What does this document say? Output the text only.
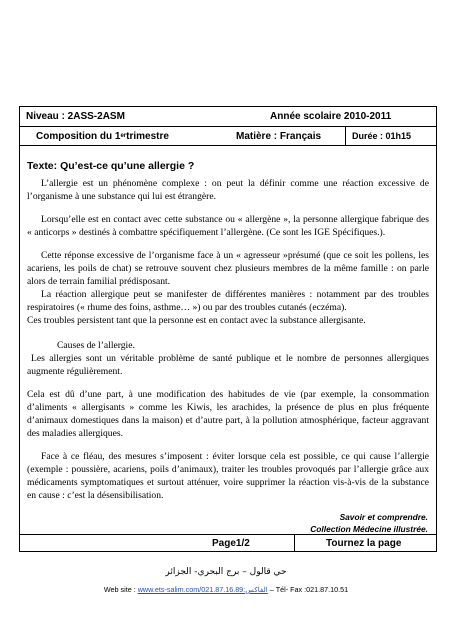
Niveau : 2ASS-2ASM	Année scolaire 2010-2011
Composition du 1 er trimestre	Matière : Français	Durée : 01h15
Texte: Qu’est-ce qu’une allergie ?

L’allergie est un phénomène complexe : on peut la définir comme une réaction excessive de l’organisme à une substance qui lui est étrangère.

Lorsqu’elle est en contact avec cette substance ou « allergène », la personne allergique fabrique des « anticorps » destinés à combattre spécifiquement l’allergène. (Ce sont les IGE Spécifiques.).

Cette réponse excessive de l’organisme face à un « agresseur »présumé (que ce soit les pollens, les acariens, les poils de chat) se retrouve souvent chez plusieurs membres de la même famille : on parle alors de terrain familial prédisposant.

La réaction allergique peut se manifester de différentes manières : notamment par des troubles respiratoires (« rhume des foins, asthme… ») ou par des troubles cutanés (eczéma).

Ces troubles persistent tant que la personne est en contact avec la substance allergisante.

Causes de l’allergie.

Les allergies sont un véritable problème de santé publique et le nombre de personnes allergiques augmente régulièrement.

Cela est dû d’une part, à une modification des habitudes de vie (par exemple, la consommation d’aliments « allergisants » comme les Kiwis, les arachides, la présence de plus en plus fréquente d’animaux domestiques dans la maison) et d’autre part, à la pollution atmosphérique, facteur aggravant des maladies allergiques.

Face à ce fléau, des mesures s’imposent : éviter lorsque cela est possible, ce qui cause l’allergie (exemple : poussière, acariens, poils d’animaux), traiter les troubles provoqués par l’allergie grâce aux médicaments symptomatiques et surtout atténuer, voire supprimer la réaction vis-à-vis de la substance en cause : c’est la désensibilisation.

Savoir et comprendre.
Collection Médecine illustrée.
Page1/2	Tournez la page
حي قالول – برج البحري- الجزائر
Web site : www.ets-salim.com/021.87.16.89:الفاكس – Tél- Fax :021.87.10.51
